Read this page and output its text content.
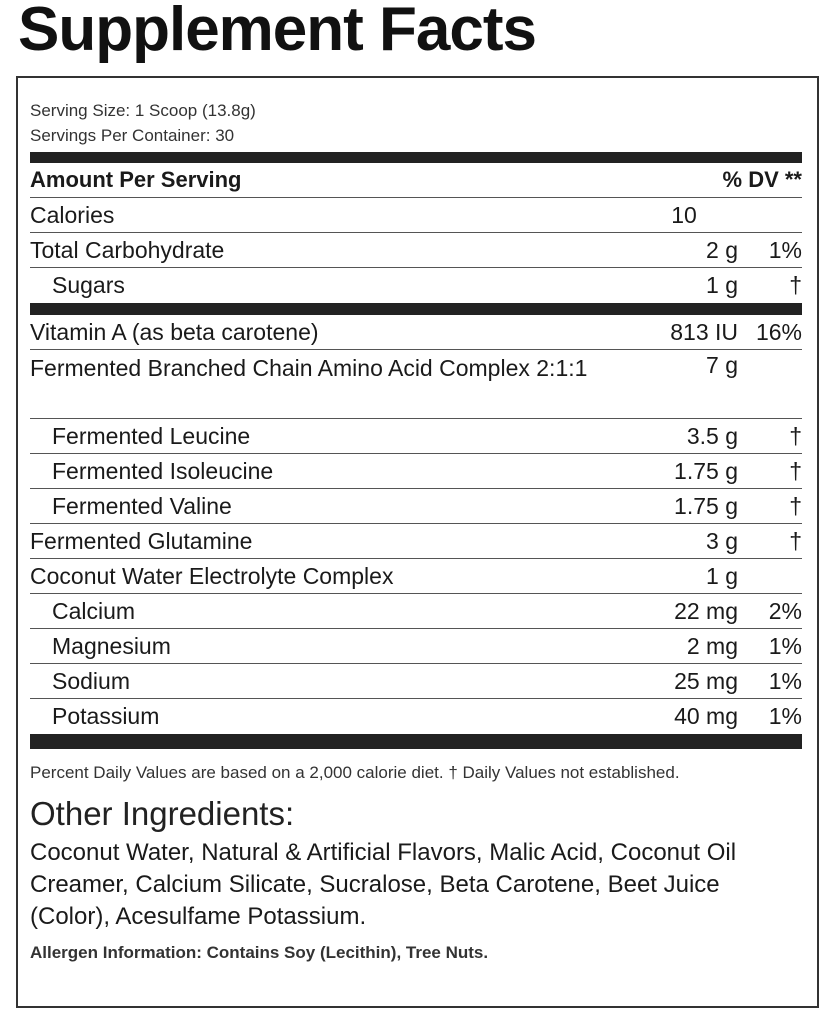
Supplement Facts
Serving Size: 1 Scoop (13.8g)
Servings Per Container: 30
Amount Per Serving	% DV **
Calories	10
Total Carbohydrate	2 g	1%
Sugars	1 g	†
Vitamin A (as beta carotene)	813 IU 16%
Fermented Branched Chain Amino Acid Complex 2:1:1	7 g
Fermented Leucine	3.5 g	†
Fermented Isoleucine	1.75 g	†
Fermented Valine	1.75 g	†
Fermented Glutamine	3 g	†
Coconut Water Electrolyte Complex	1 g
Calcium	22 mg	2%
Magnesium	2 mg	1%
Sodium	25 mg	1%
Potassium	40 mg	1%
Percent Daily Values are based on a 2,000 calorie diet. † Daily Values not established.
Other Ingredients:
Coconut Water, Natural & Artificial Flavors, Malic Acid, Coconut Oil Creamer, Calcium Silicate, Sucralose, Beta Carotene, Beet Juice (Color), Acesulfame Potassium.
Allergen Information: Contains Soy (Lecithin), Tree Nuts.
